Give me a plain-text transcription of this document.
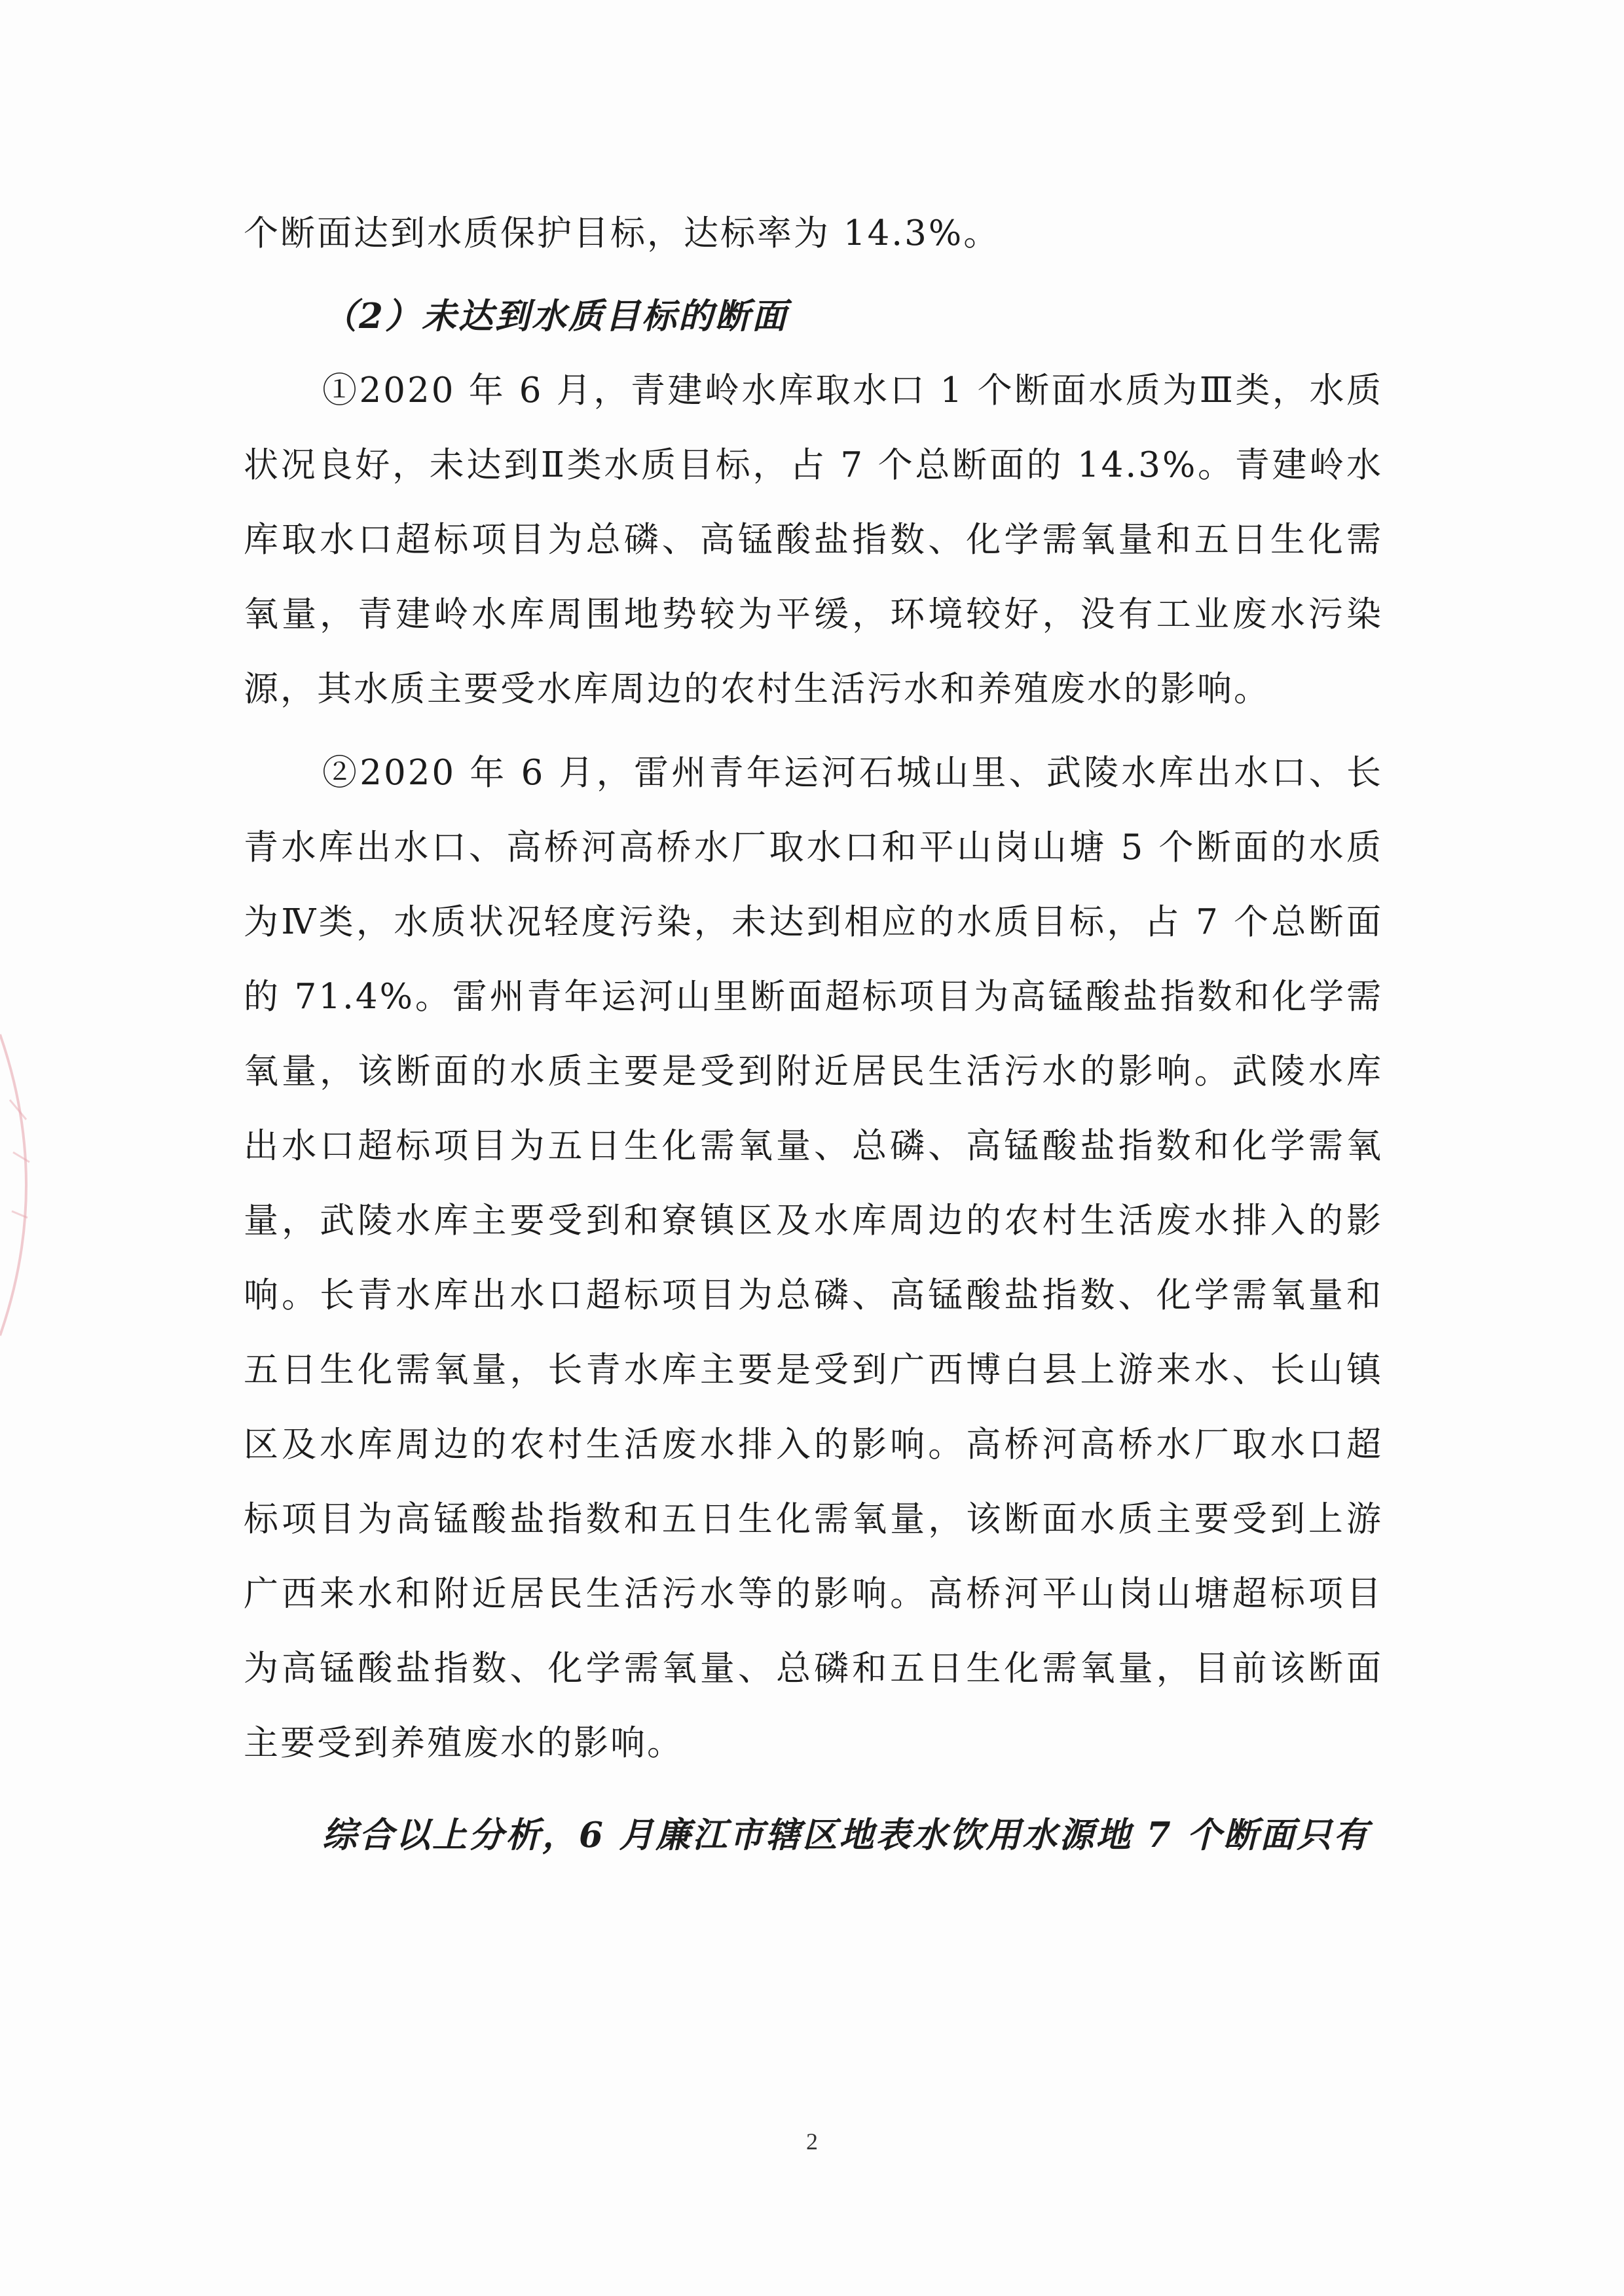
个断面达到水质保护目标，达标率为 14.3%。
（2）未达到水质目标的断面
①2020 年 6 月，青建岭水库取水口 1 个断面水质为Ⅲ类，水质
状况良好，未达到Ⅱ类水质目标，占 7 个总断面的 14.3%。青建岭水
库取水口超标项目为总磷、高锰酸盐指数、化学需氧量和五日生化需
氧量，青建岭水库周围地势较为平缓，环境较好，没有工业废水污染
源，其水质主要受水库周边的农村生活污水和养殖废水的影响。
②2020 年 6 月，雷州青年运河石城山里、武陵水库出水口、长
青水库出水口、高桥河高桥水厂取水口和平山岗山塘 5 个断面的水质
为Ⅳ类，水质状况轻度污染，未达到相应的水质目标，占 7 个总断面
的 71.4%。雷州青年运河山里断面超标项目为高锰酸盐指数和化学需
氧量，该断面的水质主要是受到附近居民生活污水的影响。武陵水库
出水口超标项目为五日生化需氧量、总磷、高锰酸盐指数和化学需氧
量，武陵水库主要受到和寮镇区及水库周边的农村生活废水排入的影
响。长青水库出水口超标项目为总磷、高锰酸盐指数、化学需氧量和
五日生化需氧量，长青水库主要是受到广西博白县上游来水、长山镇
区及水库周边的农村生活废水排入的影响。高桥河高桥水厂取水口超
标项目为高锰酸盐指数和五日生化需氧量，该断面水质主要受到上游
广西来水和附近居民生活污水等的影响。高桥河平山岗山塘超标项目
为高锰酸盐指数、化学需氧量、总磷和五日生化需氧量，目前该断面
主要受到养殖废水的影响。
综合以上分析，6 月廉江市辖区地表水饮用水源地 7 个断面只有
2
